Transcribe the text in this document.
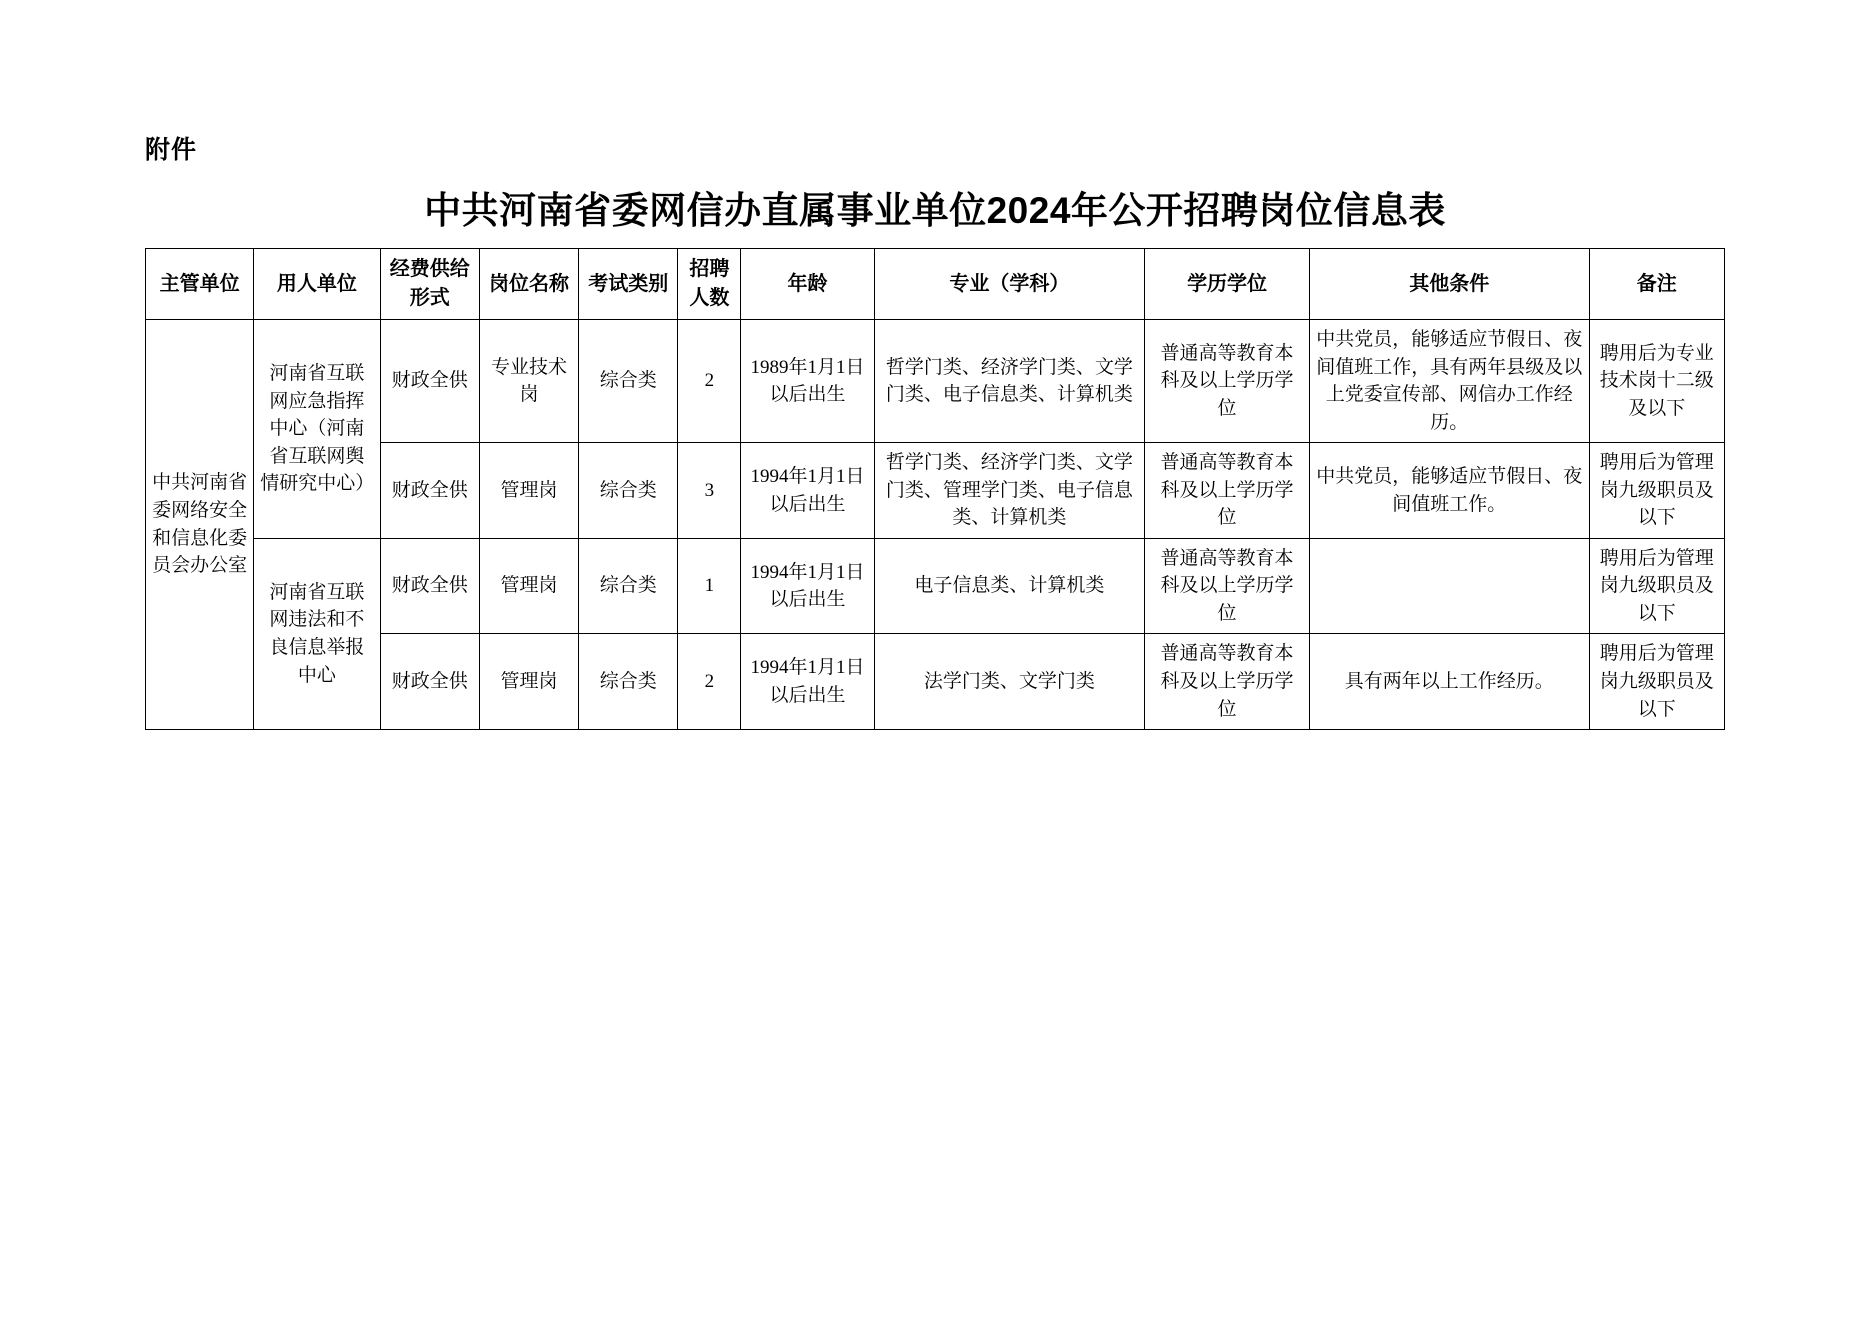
附件
中共河南省委网信办直属事业单位2024年公开招聘岗位信息表
主管单位	用人单位	经费供给形式	岗位名称	考试类别	招聘人数	年龄	专业（学科）	学历学位	其他条件	备注
中共河南省委网络安全和信息化委员会办公室	河南省互联网应急指挥中心（河南省互联网舆情研究中心）	财政全供	专业技术岗	综合类	2	1989年1月1日以后出生	哲学门类、经济学门类、文学门类、电子信息类、计算机类	普通高等教育本科及以上学历学位	中共党员，能够适应节假日、夜间值班工作，具有两年县级及以上党委宣传部、网信办工作经历。	聘用后为专业技术岗十二级及以下
		财政全供	管理岗	综合类	3	1994年1月1日以后出生	哲学门类、经济学门类、文学门类、管理学门类、电子信息类、计算机类	普通高等教育本科及以上学历学位	中共党员，能够适应节假日、夜间值班工作。	聘用后为管理岗九级职员及以下
	河南省互联网违法和不良信息举报中心	财政全供	管理岗	综合类	1	1994年1月1日以后出生	电子信息类、计算机类	普通高等教育本科及以上学历学位		聘用后为管理岗九级职员及以下
		财政全供	管理岗	综合类	2	1994年1月1日以后出生	法学门类、文学门类	普通高等教育本科及以上学历学位	具有两年以上工作经历。	聘用后为管理岗九级职员及以下
